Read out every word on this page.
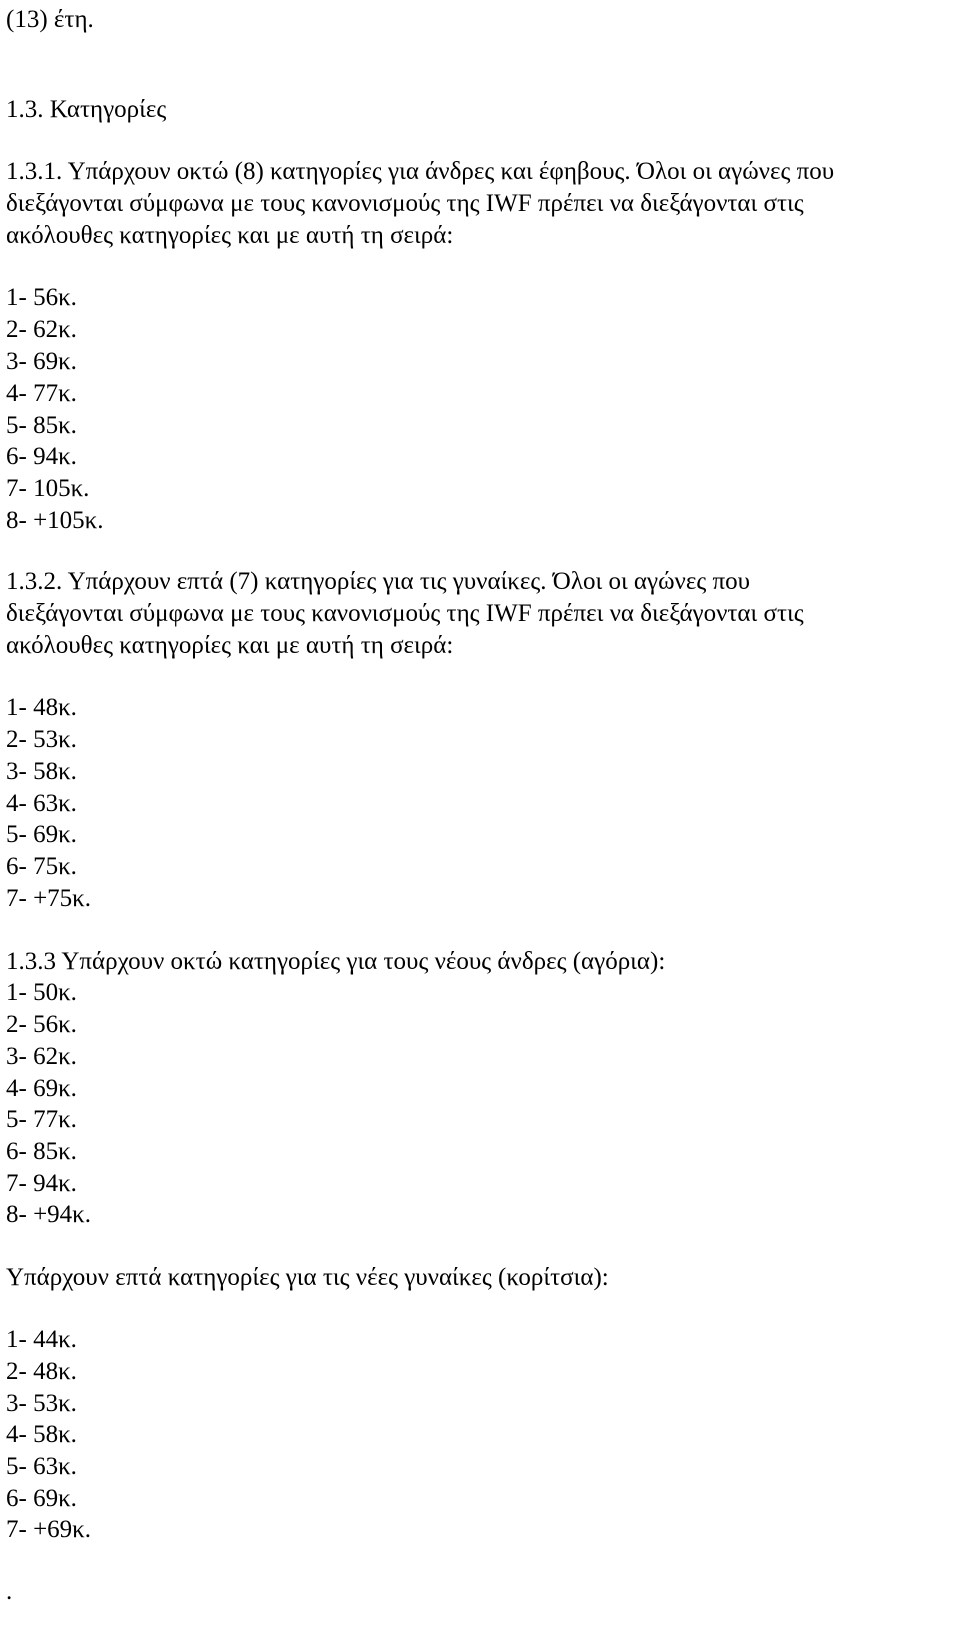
(13) έτη.
1.3. Κατηγορίες
1.3.1. Υπάρχουν οκτώ (8) κατηγορίες για άνδρες και έφηβους. Όλοι οι αγώνες που
διεξάγονται σύμφωνα με τους κανονισμούς της IWF πρέπει να διεξάγονται στις
ακόλουθες κατηγορίες και με αυτή τη σειρά:
1- 56κ.
2- 62κ.
3- 69κ.
4- 77κ.
5- 85κ.
6- 94κ.
7- 105κ.
8- +105κ.
1.3.2. Υπάρχουν επτά (7) κατηγορίες για τις γυναίκες. Όλοι οι αγώνες που
διεξάγονται σύμφωνα με τους κανονισμούς της IWF πρέπει να διεξάγονται στις
ακόλουθες κατηγορίες και με αυτή τη σειρά:
1- 48κ.
2- 53κ.
3- 58κ.
4- 63κ.
5- 69κ.
6- 75κ.
7- +75κ.
1.3.3 Υπάρχουν οκτώ κατηγορίες για τους νέους άνδρες (αγόρια):
1- 50κ.
2- 56κ.
3- 62κ.
4- 69κ.
5- 77κ.
6- 85κ.
7- 94κ.
8- +94κ.
Υπάρχουν επτά κατηγορίες για τις νέες γυναίκες (κορίτσια):
1- 44κ.
2- 48κ.
3- 53κ.
4- 58κ.
5- 63κ.
6- 69κ.
7- +69κ.
.
